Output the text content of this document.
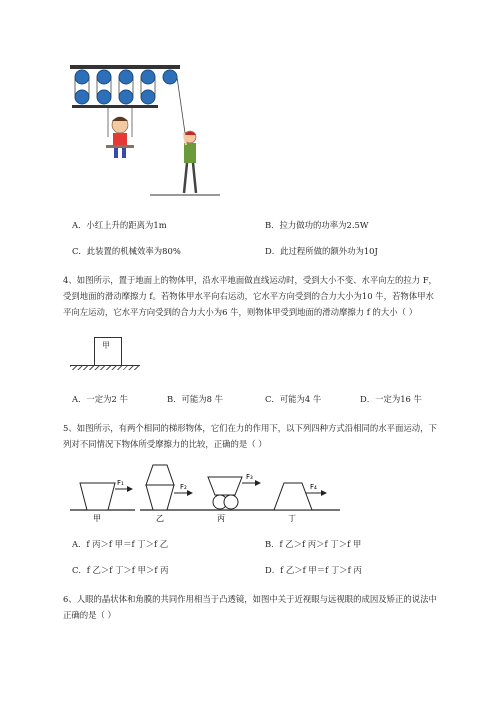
A．小红上升的距离为1m	B．拉力做功的功率为2.5W
C．此装置的机械效率为80%	D．此过程所做的额外功为10J
4、如图所示，置于地面上的物体甲，沿水平地面做直线运动时，受到大小不变、水平向左的拉力 F，
受到地面的滑动摩擦力 f。若物体甲水平向右运动，它水平方向受到的合力大小为10 牛，若物体甲水
平向左运动，它水平方向受到的合力大小为6 牛，则物体甲受到地面的滑动摩擦力 f 的大小（ ）
甲
A．一定为2 牛	B．可能为8 牛	C．可能为4 牛	D．一定为16 牛
5、如图所示，有两个相同的梯形物体，它们在力的作用下，以下列四种方式沿相同的水平面运动，下
列对不同情况下物体所受摩擦力的比较，正确的是（ ）
F₁
甲
F₂
乙
F₃
丙
F₄
丁
A．f 丙＞f 甲＝f 丁＞f 乙	B．f 乙＞f 丙＞f 丁＞f 甲
C．f 乙＞f 丁＞f 甲＞f 丙	D．f 乙＞f 甲＝f 丁＞f 丙
6、人眼的晶状体和角膜的共同作用相当于凸透镜，如图中关于近视眼与远视眼的成因及矫正的说法中
正确的是（ ）
